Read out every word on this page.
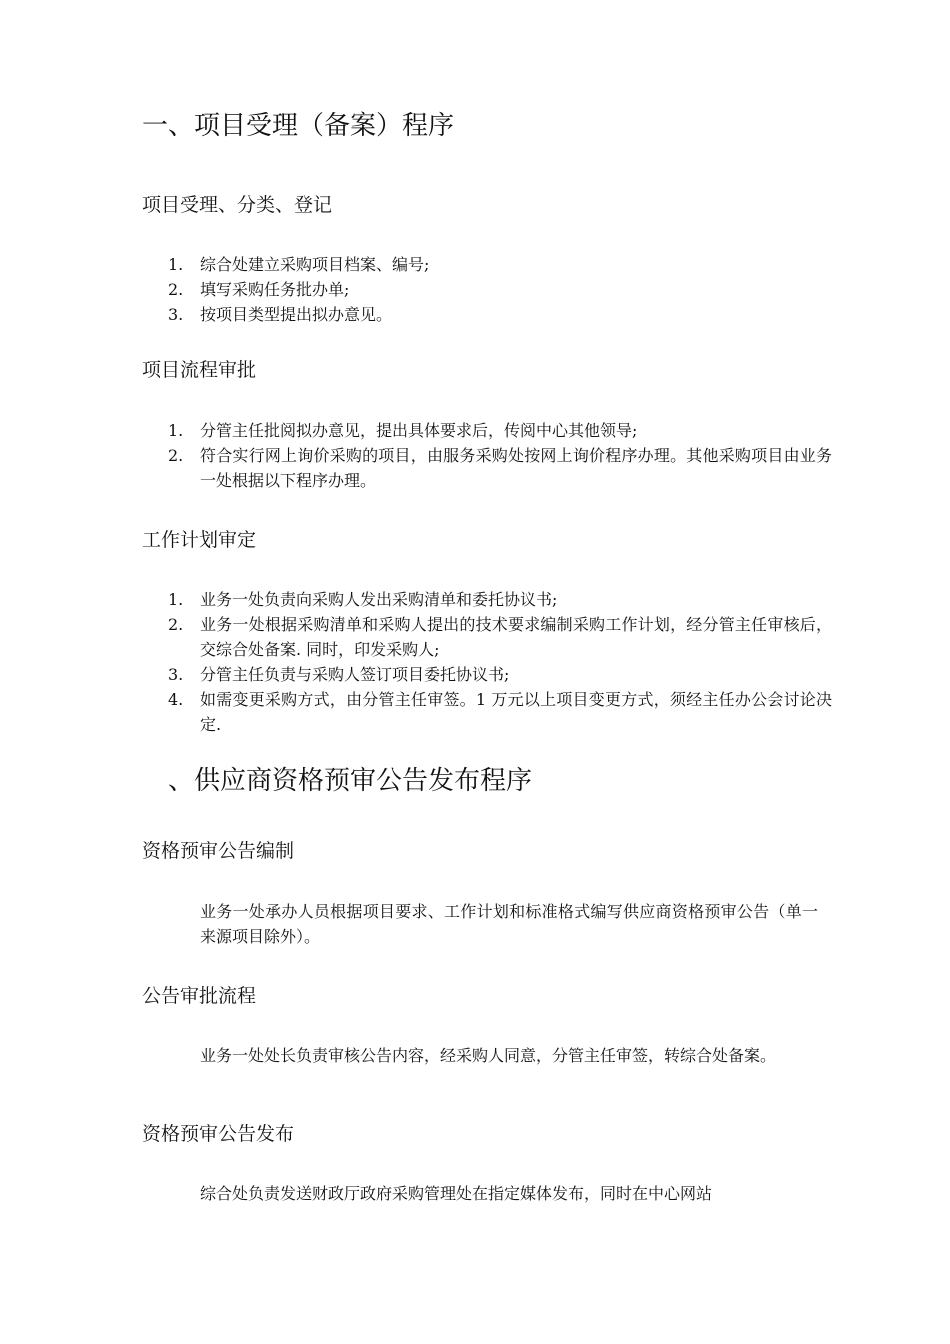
一、项目受理（备案）程序
项目受理、分类、登记
1.	综合处建立采购项目档案、编号;
2.	填写采购任务批办单;
3.	按项目类型提出拟办意见。
项目流程审批
1.	分管主任批阅拟办意见，提出具体要求后，传阅中心其他领导;
2.	符合实行网上询价采购的项目，由服务采购处按网上询价程序办理。其他采购项目由业务一处根据以下程序办理。
工作计划审定
1.	业务一处负责向采购人发出采购清单和委托协议书;
2.	业务一处根据采购清单和采购人提出的技术要求编制采购工作计划，经分管主任审核后，交综合处备案. 同时，印发采购人;
3.	分管主任负责与采购人签订项目委托协议书;
4.	如需变更采购方式，由分管主任审签。1 万元以上项目变更方式，须经主任办公会讨论决定.
、供应商资格预审公告发布程序
资格预审公告编制

业务一处承办人员根据项目要求、工作计划和标准格式编写供应商资格预审公告（单一来源项目除外）。

公告审批流程

业务一处处长负责审核公告内容，经采购人同意，分管主任审签，转综合处备案。

资格预审公告发布

综合处负责发送财政厅政府采购管理处在指定媒体发布，同时在中心网站
